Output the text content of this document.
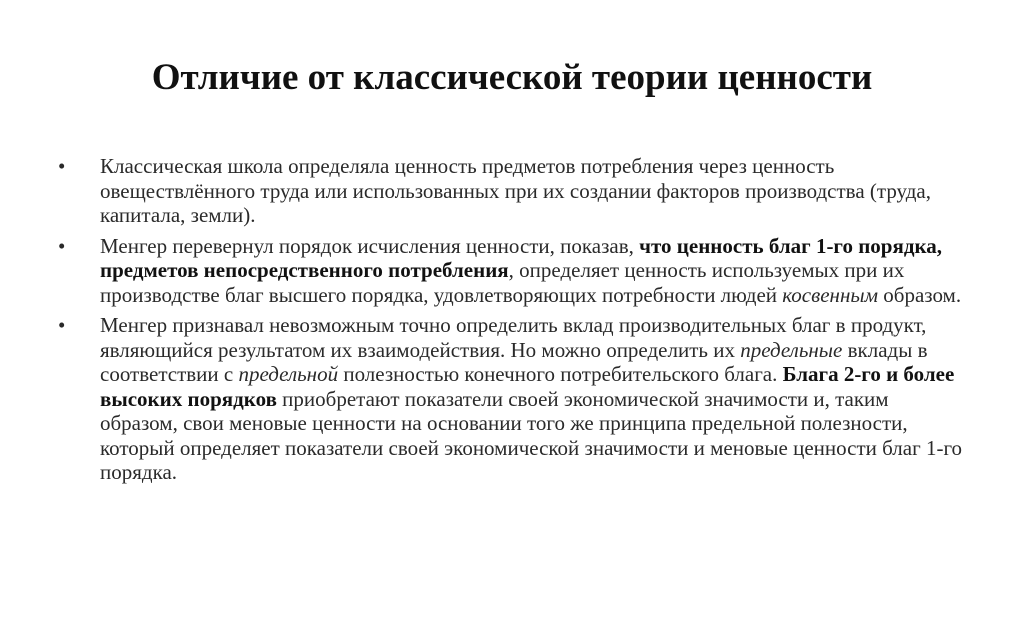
Отличие от классической теории ценности
•	Классическая школа определяла ценность предметов потребления через ценность овеществлённого труда или использованных при их создании факторов производства (труда, капитала, земли).
•	Менгер перевернул порядок исчисления ценности, показав, что ценность благ 1-го порядка, предметов непосредственного потребления, определяет ценность используемых при их производстве благ высшего порядка, удовлетворяющих потребности людей косвенным образом.
•	Менгер признавал невозможным точно определить вклад производительных благ в продукт, являющийся результатом их взаимодействия. Но можно определить их предельные вклады в соответствии с предельной полезностью конечного потребительского блага. Блага 2-го и более высоких порядков приобретают показатели своей экономической значимости и, таким образом, свои меновые ценности на основании того же принципа предельной полезности, который определяет показатели своей экономической значимости и меновые ценности благ 1-го порядка.
